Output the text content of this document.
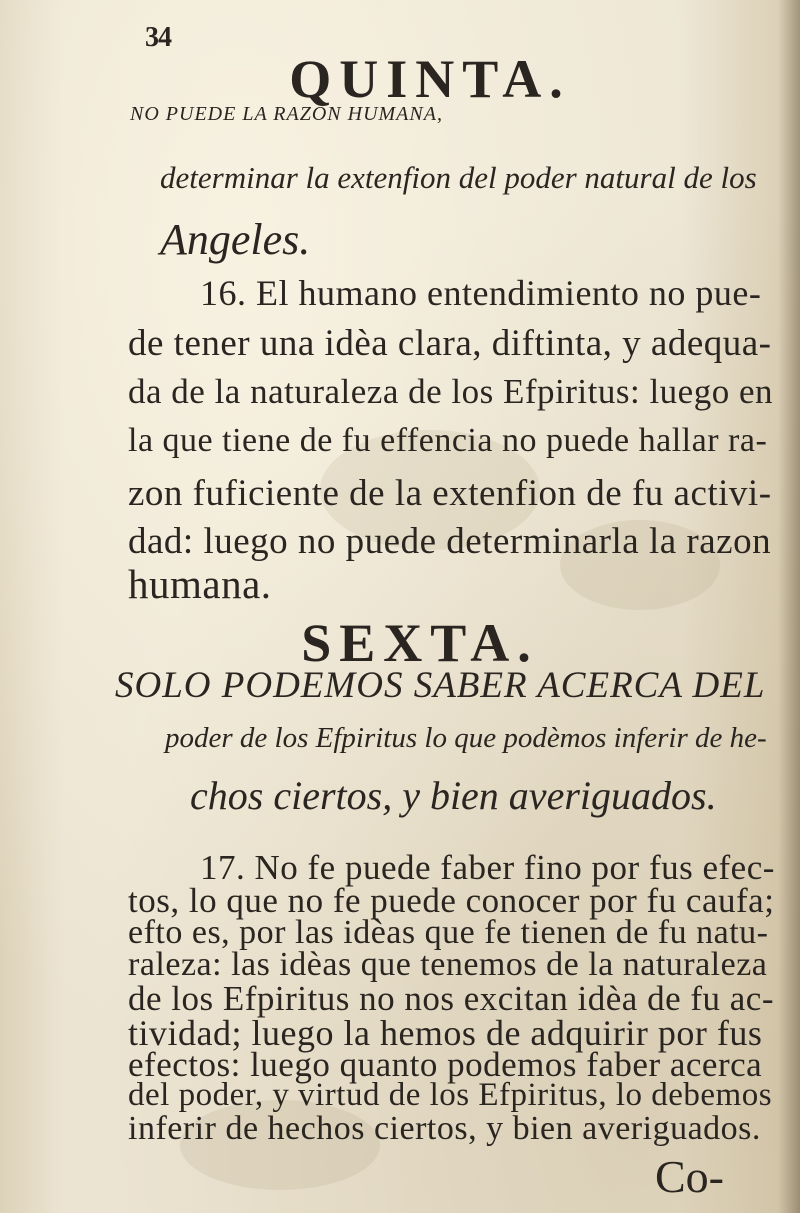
34
QUINTA.
NO PUEDE LA RAZON HUMANA,
determinar la extenfion del poder natural de los
Angeles.
16. El humano entendimiento no pue-
de tener una idèa clara, diftinta, y adequa-
da de la naturaleza de los Efpiritus: luego en
la que tiene de fu effencia no puede hallar ra-
zon fuficiente de la extenfion de fu activi-
dad: luego no puede determinarla la razon
humana.
SEXTA.
SOLO PODEMOS SABER ACERCA DEL
poder de los Efpiritus lo que podèmos inferir de he-
chos ciertos, y bien averiguados.
17. No fe puede faber fino por fus efec-
tos, lo que no fe puede conocer por fu caufa;
efto es, por las idèas que fe tienen de fu natu-
raleza: las idèas que tenemos de la naturaleza
de los Efpiritus no nos excitan idèa de fu ac-
tividad; luego la hemos de adquirir por fus
efectos: luego quanto podemos faber acerca
del poder, y virtud de los Efpiritus, lo debemos
inferir de hechos ciertos, y bien averiguados.
Co-
